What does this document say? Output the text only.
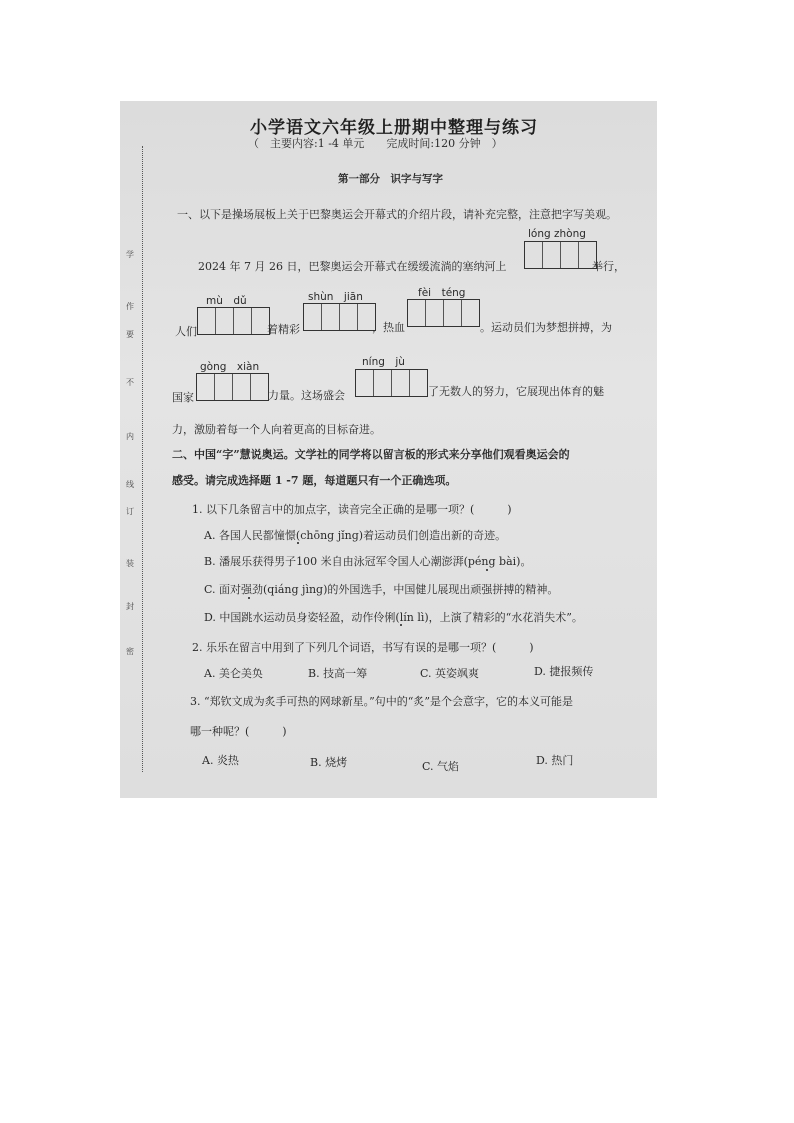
学
作
要
不
内
线
订
装
封
密
小学语文六年级上册期中整理与练习
（　主要内容:1 -4 单元　　完成时间:120 分钟　）
第一部分　识字与写字
一、以下是操场展板上关于巴黎奥运会开幕式的介绍片段，请补充完整，注意把字写美观。
lóng zhòng
2024 年 7 月 26 日，巴黎奥运会开幕式在缓缓流淌的塞纳河上	举行，
mù　dǔ	shùn　jiān	fèi　téng
人们	着精彩	，热血	。运动员们为梦想拼搏，为
gòng　xiàn	níng　jù
国家	力量。这场盛会	了无数人的努力，它展现出体育的魅
力，激励着每一个人向着更高的目标奋进。
二、中国“字”慧说奥运。文学社的同学将以留言板的形式来分享他们观看奥运会的
感受。请完成选择题 1 -7 题，每道题只有一个正确选项。
1. 以下几条留言中的加点字，读音完全正确的是哪一项？(　　　)
A. 各国人民都憧憬(chōng jǐng)着运动员们创造出新的奇迹。
B. 潘展乐获得男子100 米自由泳冠军令国人心潮澎湃(péng bài)。
C. 面对强劲(qiáng jìng)的外国选手，中国健儿展现出顽强拼搏的精神。
D. 中国跳水运动员身姿轻盈，动作伶俐(lín lì)，上演了精彩的“水花消失术”。
2. 乐乐在留言中用到了下列几个词语，书写有误的是哪一项？(　　　)
A. 美仑美奂	B. 技高一筹	C. 英姿飒爽	D. 捷报频传
3. “郑钦文成为炙手可热的网球新星。”句中的“炙”是个会意字，它的本义可能是
哪一种呢？(　　　)
A. 炎热	B. 烧烤	C. 气焰	D. 热门
